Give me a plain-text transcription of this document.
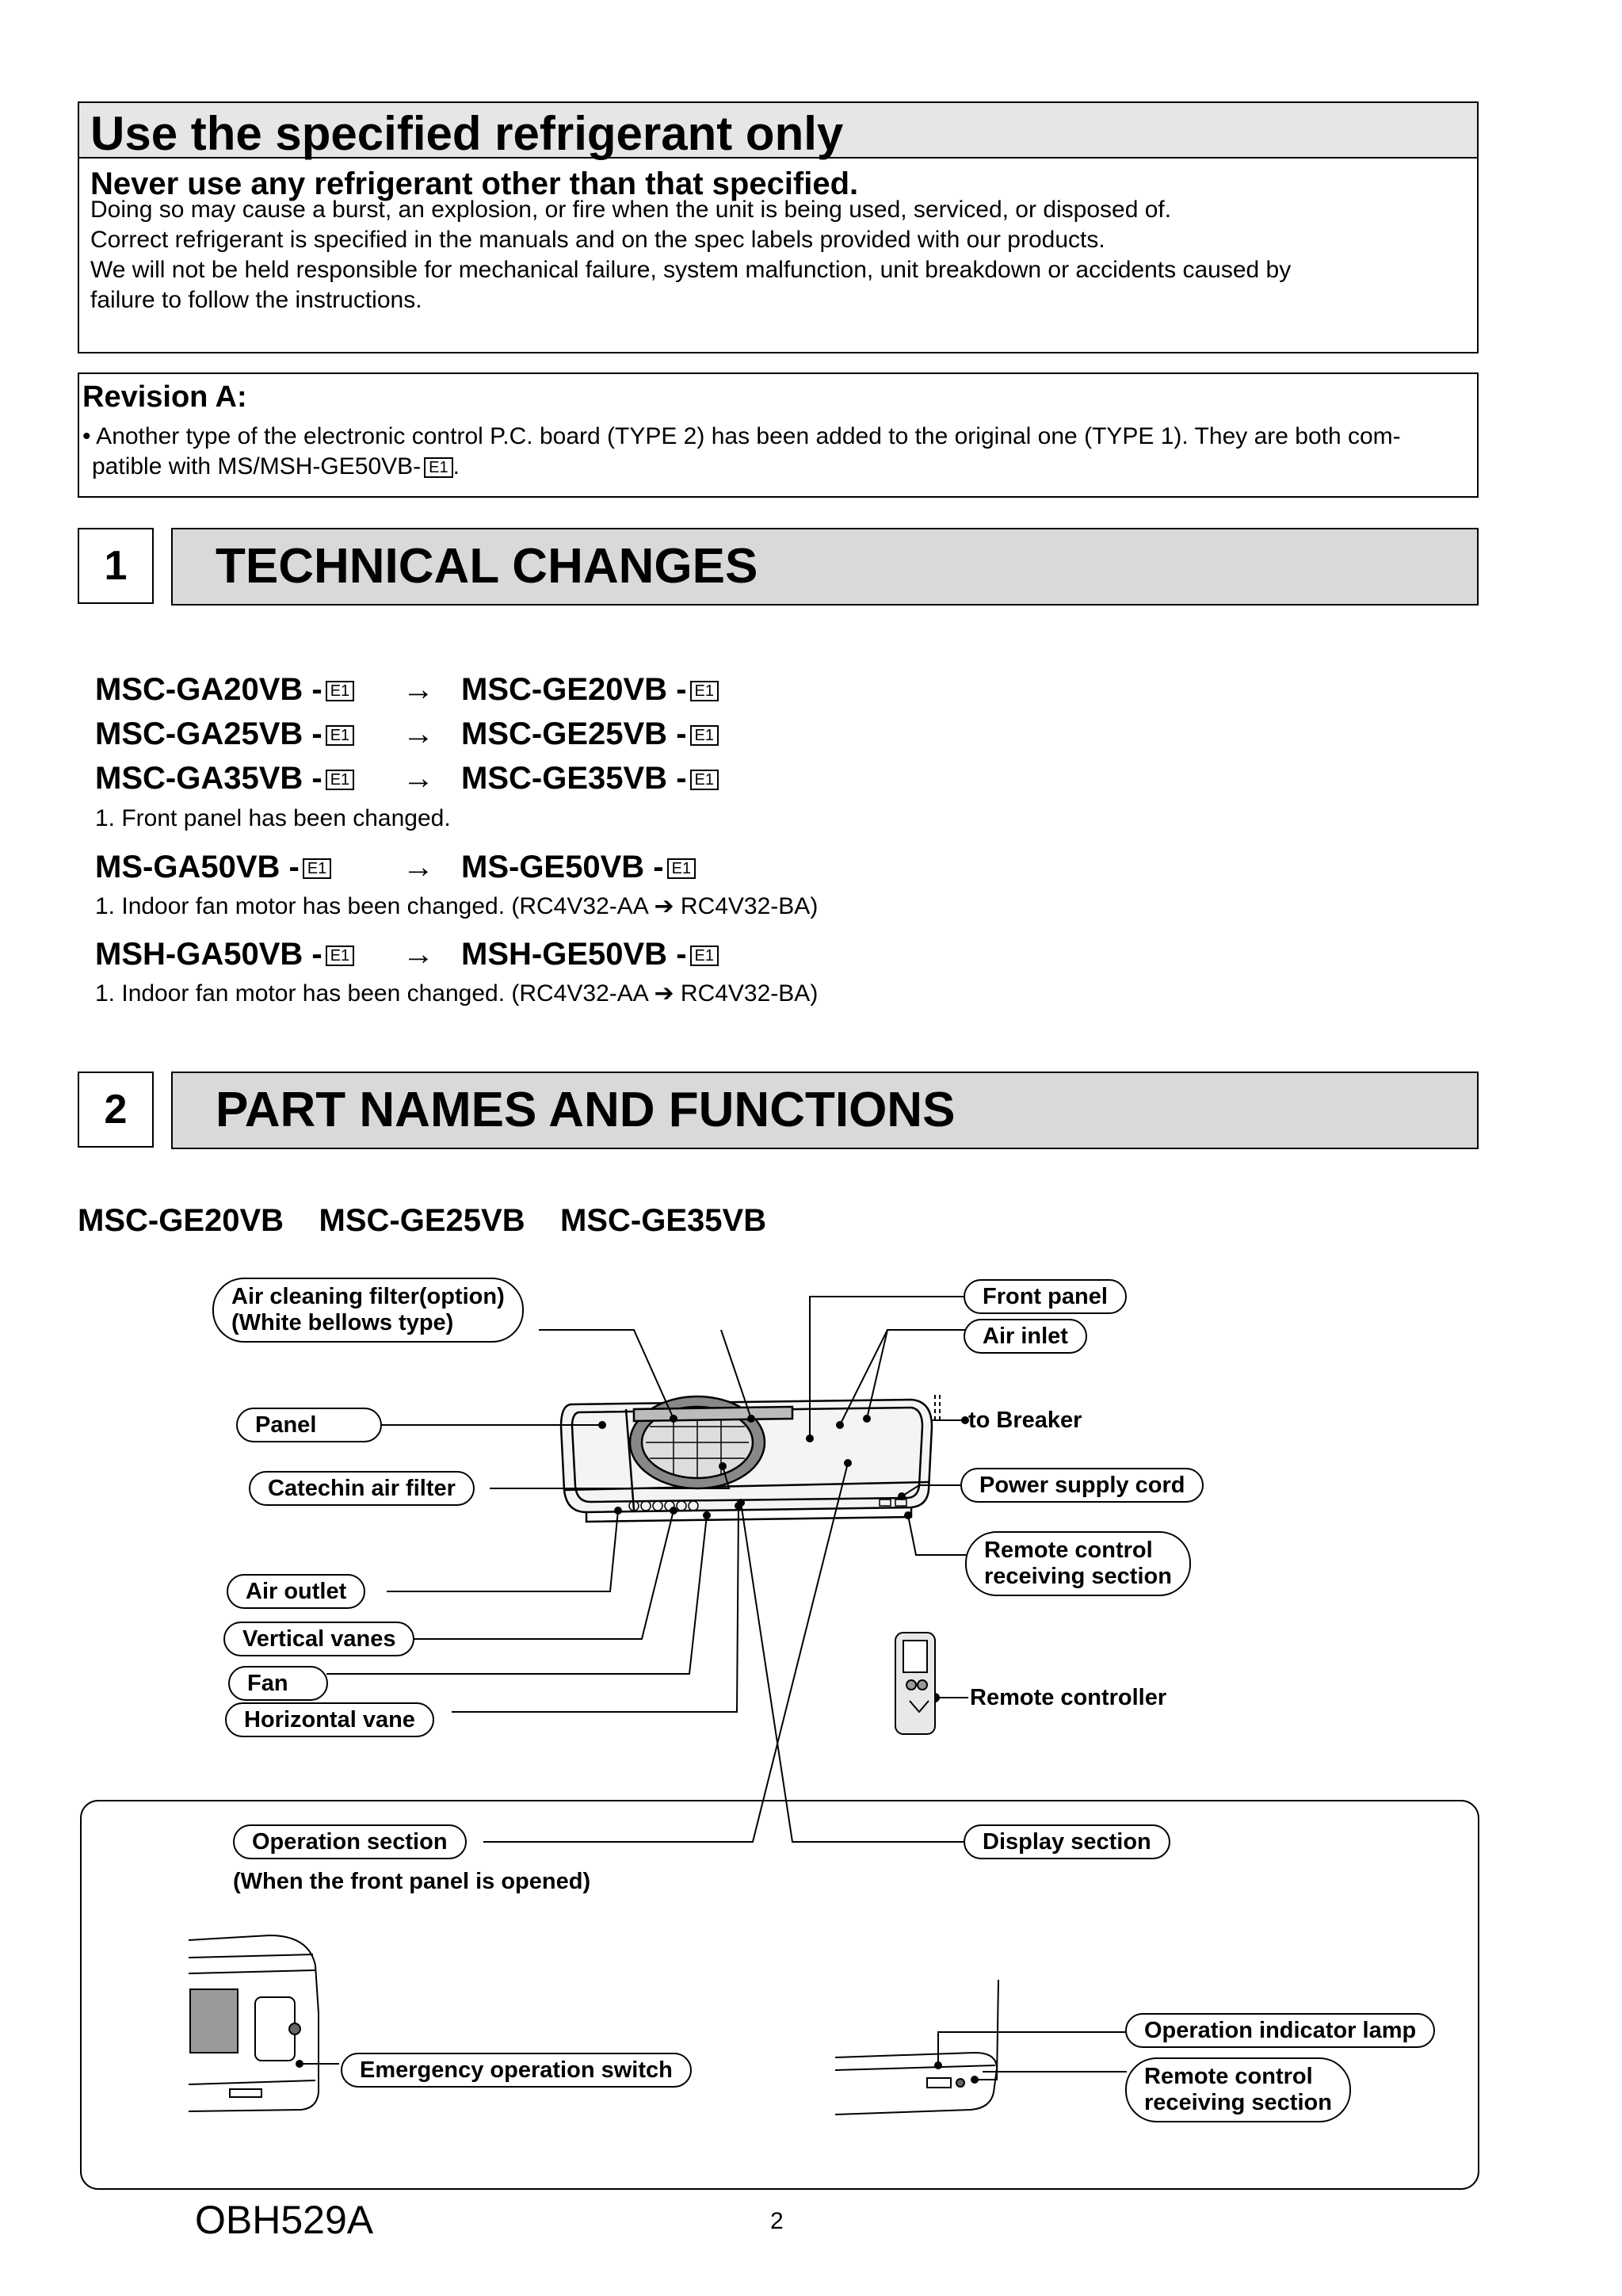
Use the specified refrigerant only
Never use any refrigerant other than that specified.
Doing so may cause a burst, an explosion, or fire when the unit is being used, serviced, or disposed of.
Correct refrigerant is specified in the manuals and on the spec labels provided with our products.
We will not be held responsible for mechanical failure, system malfunction, unit breakdown or accidents caused by
failure to follow the instructions.
Revision A:
• Another type of the electronic control P.C. board (TYPE 2) has been added to the original one (TYPE 1). They are both com-
patible with MS/MSH-GE50VB- E1 .
1	TECHNICAL CHANGES
MSC-GA20VB - E1 → MSC-GE20VB - E1
MSC-GA25VB - E1 → MSC-GE25VB - E1
MSC-GA35VB - E1 → MSC-GE35VB - E1
1. Front panel has been changed.
MS-GA50VB - E1 → MS-GE50VB - E1
1. Indoor fan motor has been changed. (RC4V32-AA ➔ RC4V32-BA)
MSH-GA50VB - E1 → MSH-GE50VB - E1
1. Indoor fan motor has been changed. (RC4V32-AA ➔ RC4V32-BA)
2	PART NAMES AND FUNCTIONS
MSC-GE20VB MSC-GE25VB MSC-GE35VB
Air cleaning filter(option)
(White bellows type)
Panel
Catechin air filter
Air outlet
Vertical vanes
Fan
Horizontal vane
Front panel
Air inlet
to Breaker
Power supply cord
Remote control
receiving section
Remote controller
Operation section
(When the front panel is opened)
Display section
Emergency operation switch
Operation indicator lamp
Remote control
receiving section
OBH529A	2
